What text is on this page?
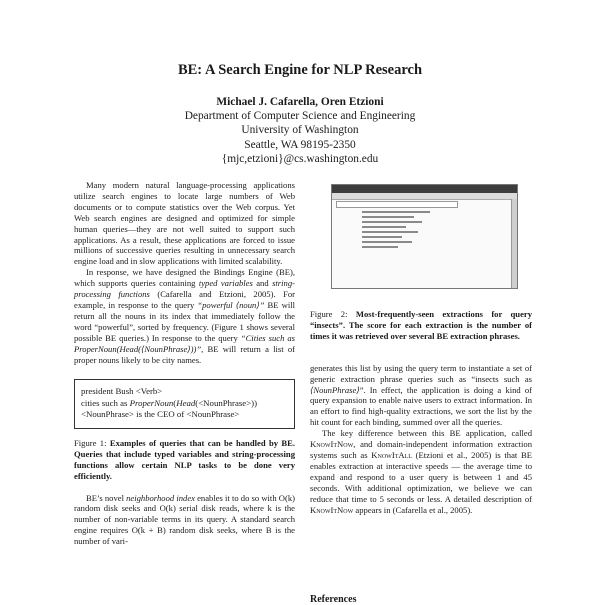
BE: A Search Engine for NLP Research
Michael J. Cafarella, Oren Etzioni
Department of Computer Science and Engineering
University of Washington
Seattle, WA 98195-2350
{mjc,etzioni}@cs.washington.edu

Many modern natural language-processing applications utilize search engines to locate large numbers of Web documents or to compute statistics over the Web corpus. Yet Web search engines are designed and optimized for simple human queries—they are not well suited to support such applications. As a result, these applications are forced to issue millions of successive queries resulting in unnecessary search engine load and in slow applications with limited scalability.

In response, we have designed the Bindings Engine (BE), which supports queries containing typed variables and string-processing functions (Cafarella and Etzioni, 2005). For example, in response to the query “powerful ⟨noun⟩” BE will return all the nouns in its index that immediately follow the word “powerful”, sorted by frequency. (Figure 1 shows several possible BE queries.) In response to the query “Cities such as ProperNoun(Head(⟨NounPhrase⟩))”, BE will return a list of proper nouns likely to be city names.

president Bush <Verb>
cities such as ProperNoun(Head(<NounPhrase>))
<NounPhrase> is the CEO of <NounPhrase>
Figure 1: Examples of queries that can be handled by BE. Queries that include typed variables and string-processing functions allow certain NLP tasks to be done very efficiently.

BE’s novel neighborhood index enables it to do so with O(k) random disk seeks and O(k) serial disk reads, where k is the number of non-variable terms in its query. A standard search engine requires O(k + B) random disk seeks, where B is the number of vari-

Figure 2: Most-frequently-seen extractions for query “insects”. The score for each extraction is the number of times it was retrieved over several BE extraction phrases.

generates this list by using the query term to instantiate a set of generic extraction phrase queries such as “insects such as ⟨NounPhrase⟩”. In effect, the application is doing a kind of query expansion to enable naive users to extract information. In an effort to find high-quality extractions, we sort the list by the hit count for each binding, summed over all the queries.

The key difference between this BE application, called KnowItNow, and domain-independent information extraction systems such as KnowItAll (Etzioni et al., 2005) is that BE enables extraction at interactive speeds — the average time to expand and respond to a user query is between 1 and 45 seconds. With additional optimization, we believe we can reduce that time to 5 seconds or less. A detailed description of KnowItNow appears in (Cafarella et al., 2005).

References
